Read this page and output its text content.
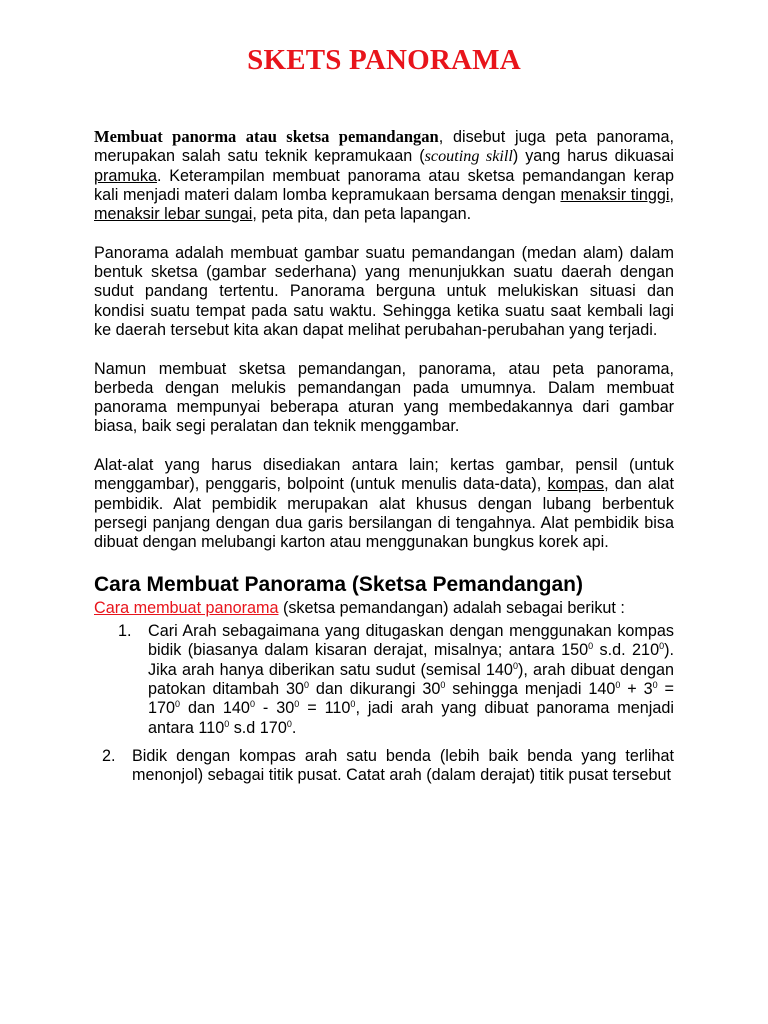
SKETS PANORAMA

Membuat panorma atau sketsa pemandangan, disebut juga peta panorama, merupakan salah satu teknik kepramukaan (scouting skill) yang harus dikuasai pramuka. Keterampilan membuat panorama atau sketsa pemandangan kerap kali menjadi materi dalam lomba kepramukaan bersama dengan menaksir tinggi, menaksir lebar sungai, peta pita, dan peta lapangan.

Panorama adalah membuat gambar suatu pemandangan (medan alam) dalam bentuk sketsa (gambar sederhana) yang menunjukkan suatu daerah dengan sudut pandang tertentu. Panorama berguna untuk melukiskan situasi dan kondisi suatu tempat pada satu waktu. Sehingga ketika suatu saat kembali lagi ke daerah tersebut kita akan dapat melihat perubahan-perubahan yang terjadi.

Namun membuat sketsa pemandangan, panorama, atau peta panorama, berbeda dengan melukis pemandangan pada umumnya. Dalam membuat panorama mempunyai beberapa aturan yang membedakannya dari gambar biasa, baik segi peralatan dan teknik menggambar.

Alat-alat yang harus disediakan antara lain; kertas gambar, pensil (untuk menggambar), penggaris, bolpoint (untuk menulis data-data), kompas, dan alat pembidik. Alat pembidik merupakan alat khusus dengan lubang berbentuk persegi panjang dengan dua garis bersilangan di tengahnya. Alat pembidik bisa dibuat dengan melubangi karton atau menggunakan bungkus korek api.

Cara Membuat Panorama (Sketsa Pemandangan)
Cara membuat panorama (sketsa pemandangan) adalah sebagai berikut :
1. Cari Arah sebagaimana yang ditugaskan dengan menggunakan kompas bidik (biasanya dalam kisaran derajat, misalnya; antara $150^0$ s.d. $210^0$). Jika arah hanya diberikan satu sudut (semisal $140^0$), arah dibuat dengan patokan ditambah $30^0$ dan dikurangi $30^0$ sehingga menjadi $140^0 + 3^0 = 170^0$ dan $140^0 - 30^0 = 110^0$, jadi arah yang dibuat panorama menjadi antara $110^0$ s.d $170^0$.
2. Bidik dengan kompas arah satu benda (lebih baik benda yang terlihat menonjol) sebagai titik pusat. Catat arah (dalam derajat) titik pusat tersebut
